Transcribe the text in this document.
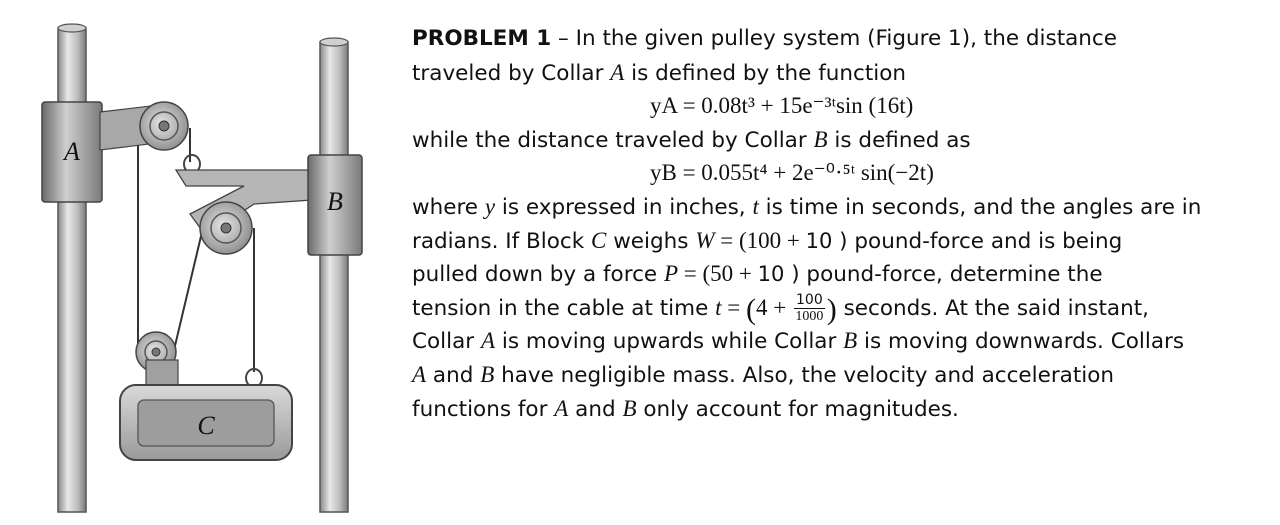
A
B
C
PROBLEM 1 – In the given pulley system (Figure 1), the distance
traveled by Collar A is defined by the function
yA = 0.08t³ + 15e⁻³ᵗsin (16t)
while the distance traveled by Collar B is defined as
yB = 0.055t⁴ + 2e⁻⁰·⁵ᵗ sin(−2t)
where y is expressed in inches, t is time in seconds, and the angles are in
radians. If Block C weighs W = (100 + 10 ) pound-force and is being
pulled down by a force P = (50 + 10 ) pound-force, determine the
tension in the cable at time $t = (4 + \frac{100}{1000}$ ) seconds. At the said instant,
Collar A is moving upwards while Collar B is moving downwards. Collars
A and B have negligible mass. Also, the velocity and acceleration
functions for A and B only account for magnitudes.
